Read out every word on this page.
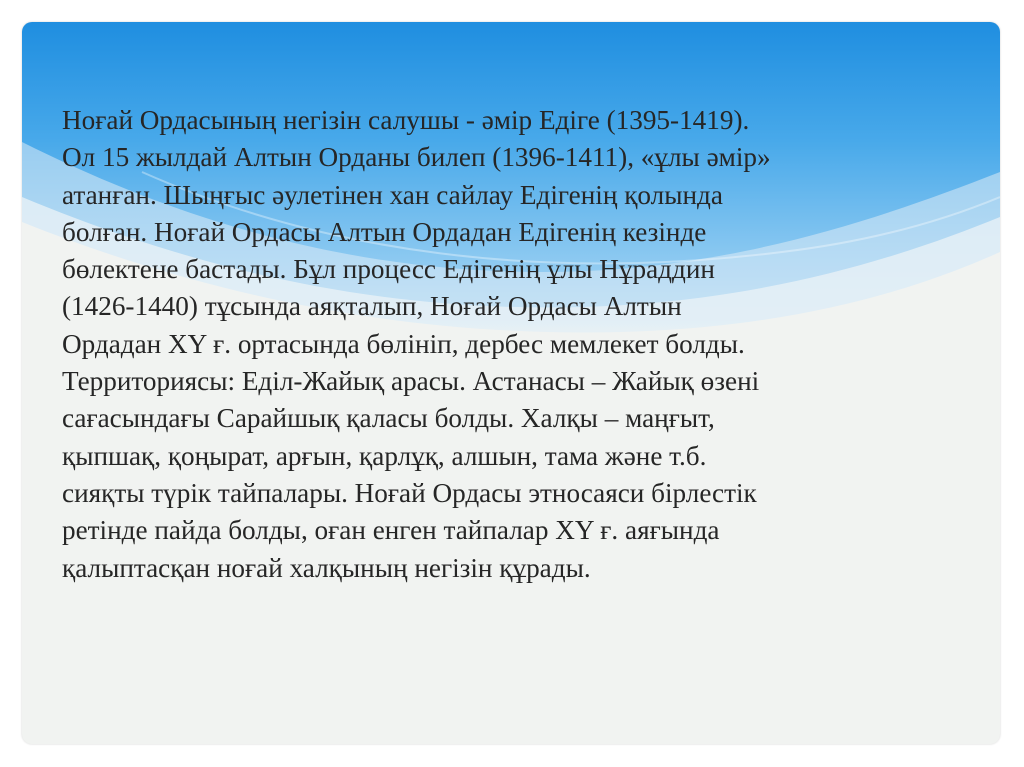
Ноғай Ордасының негізін салушы - әмір Едіге (1395-1419).
Ол 15 жылдай Алтын Орданы билеп (1396-1411), «ұлы әмір»
атанған. Шыңғыс әулетінен хан сайлау Едігенің қолында
болған. Ноғай Ордасы Алтын Ордадан Едігенің кезінде
бөлектене бастады. Бұл процесс Едігенің ұлы Нұраддин
(1426-1440) тұсында аяқталып, Ноғай Ордасы Алтын
Ордадан XY ғ. ортасында бөлініп, дербес мемлекет болды.
Территориясы: Еділ-Жайық арасы. Астанасы – Жайық өзені
сағасындағы Сарайшық қаласы болды. Халқы – маңғыт,
қыпшақ, қоңырат, арғын, қарлұқ, алшын, тама және т.б.
сияқты түрік тайпалары. Ноғай Ордасы этносаяси бірлестік
ретінде пайда болды, оған енген тайпалар XY ғ. аяғында
қалыптасқан ноғай халқының негізін құрады.
